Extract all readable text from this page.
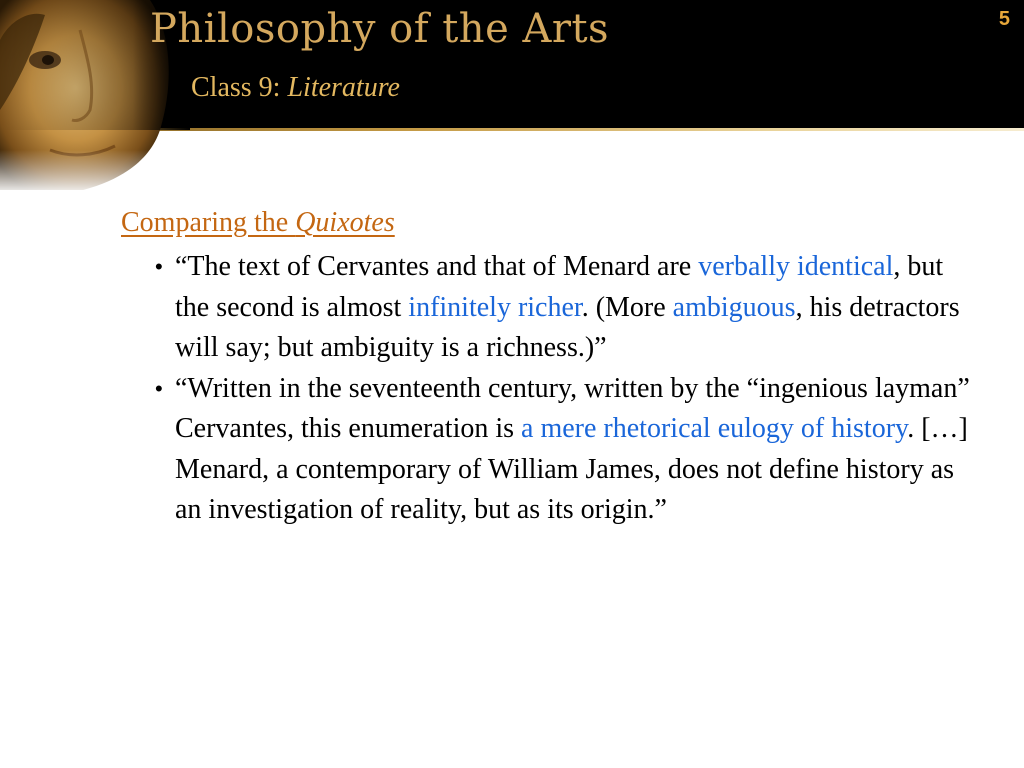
Philosophy of the Arts
Class 9: Literature
5
Comparing the Quixotes
• “The text of Cervantes and that of Menard are verbally identical, but the second is almost infinitely richer. (More ambiguous, his detractors will say; but ambiguity is a richness.)”
• “Written in the seventeenth century, written by the “ingenious layman” Cervantes, this enumeration is a mere rhetorical eulogy of history. […] Menard, a contemporary of William James, does not define history as an investigation of reality, but as its origin.”
